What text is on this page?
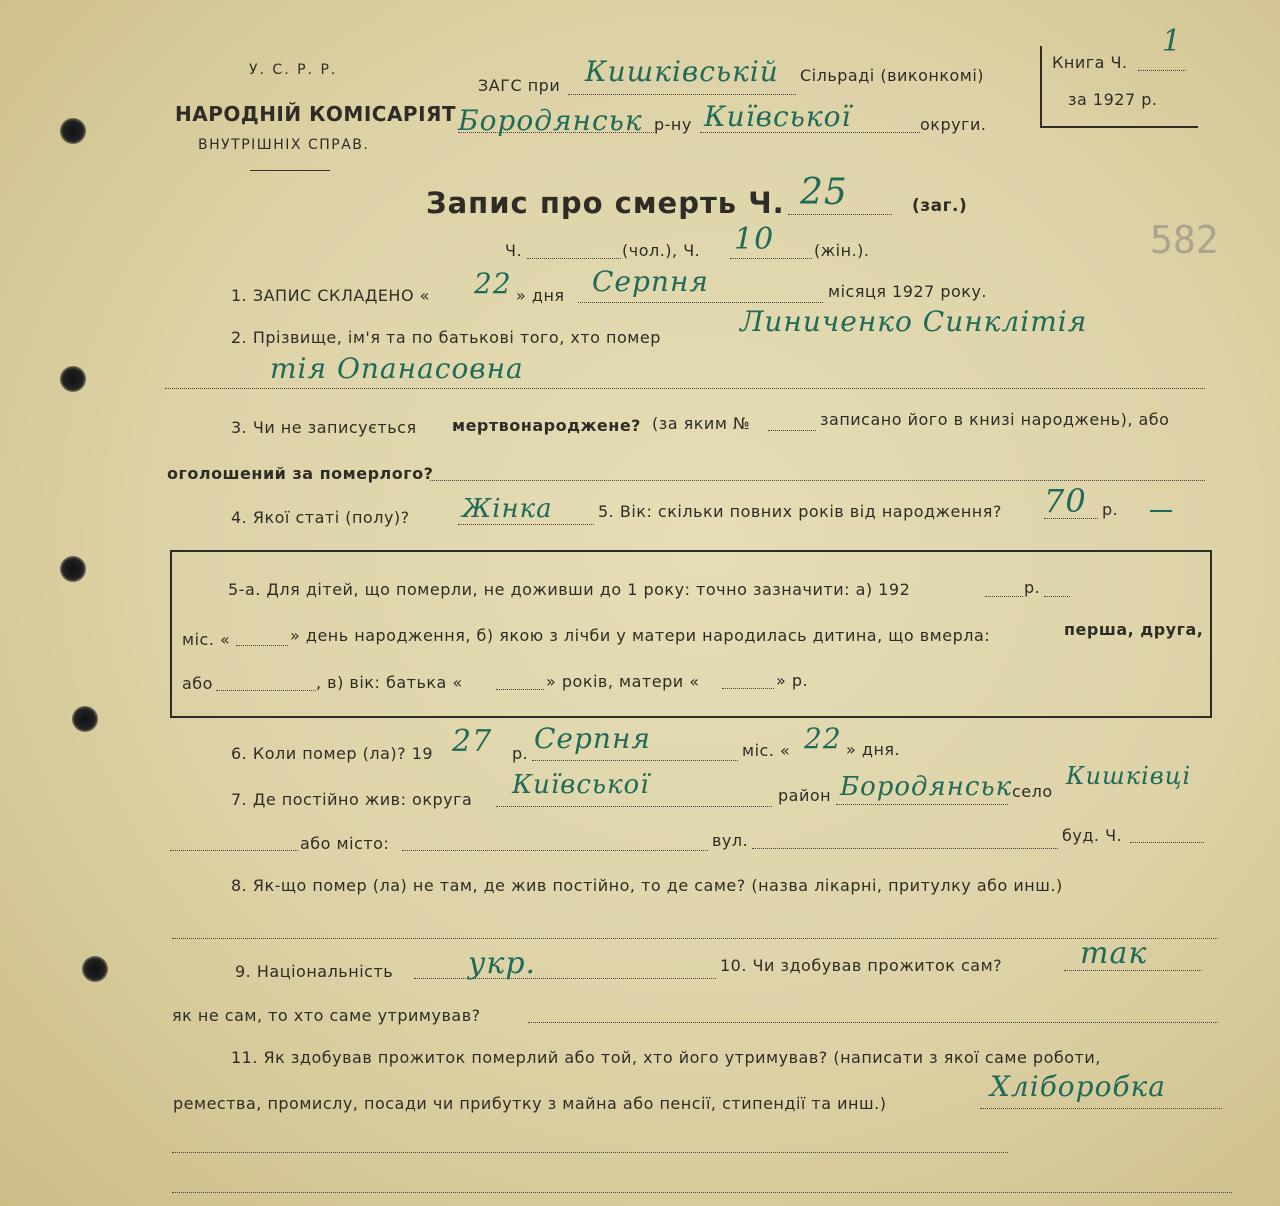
У. С. Р. Р.
НАРОДНІЙ КОМІСАРІЯТ
ВНУТРІШНІХ СПРАВ.
ЗАГС при Кишківській Сільраді (виконкомі)
Бородянськ р-ну Київської	округи.
Книга Ч.
1
за 1927 р.
Запис про смерть Ч. 25	(заг.)
582
Ч.	(чол.), Ч. 10 (жін.).
1. ЗАПИС СКЛАДЕНО « 22 » дня Серпня	місяця 1927 року.
2. Прізвище, ім'я та по батькові того, хто помер	Линиченко Синклітія
тія Опанасовна
3. Чи не записується мертвонароджене? (за яким №	записано його в книзі народжень), або
оголошений за померлого?
4. Якої статі (полу)? Жінка	5. Вік: скільки повних років від народження? 70 р.
5-а. Для дітей, що померли, не доживши до 1 року: точно зазначити: а) 192	р.
міс. «	» день народження, б) якою з лічби у матери народилась дитина, що вмерла:	перша, друга,
або	, в) вік: батька «	» років, матери «	» р.
6. Коли помер (ла)? 19 27 р. Серпня	міс. « 22 » дня.
7. Де постійно жив: округа Київської	район Бородянськ село
Кишківці
або місто:	вул.	буд. Ч.
8. Як-що помер (ла) не там, де жив постійно, то де саме? (назва лікарні, притулку або инш.)
9. Національність укр.	10. Чи здобував прожиток сам?	так
як не сам, то хто саме утримував?
11. Як здобував прожиток померлий або той, хто його утримував? (написати з якої саме роботи,
ремества, промислу, посади чи прибутку з майна або пенсії, стипендії та инш.)
Хліборобка
